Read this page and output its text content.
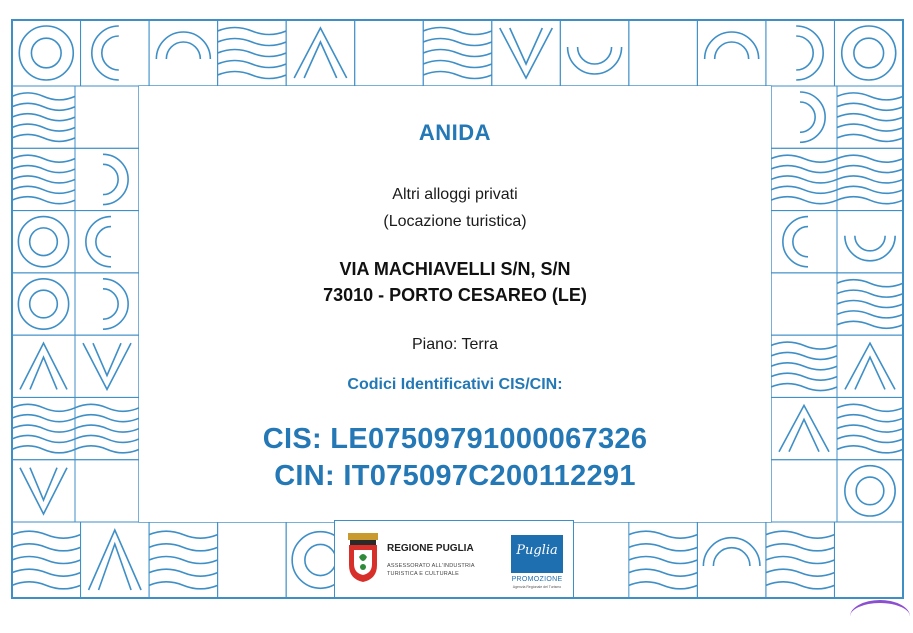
ANIDA
Altri alloggi privati
(Locazione turistica)
VIA MACHIAVELLI S/N, S/N
73010 - PORTO CESAREO (LE)
Piano: Terra
Codici Identificativi CIS/CIN:
CIS: LE07509791000067326
CIN: IT075097C200112291
REGIONE PUGLIA
ASSESSORATO ALL'INDUSTRIA
TURISTICA E CULTURALE
Puglia
PROMOZIONE
Agenzia Regionale del Turismo
